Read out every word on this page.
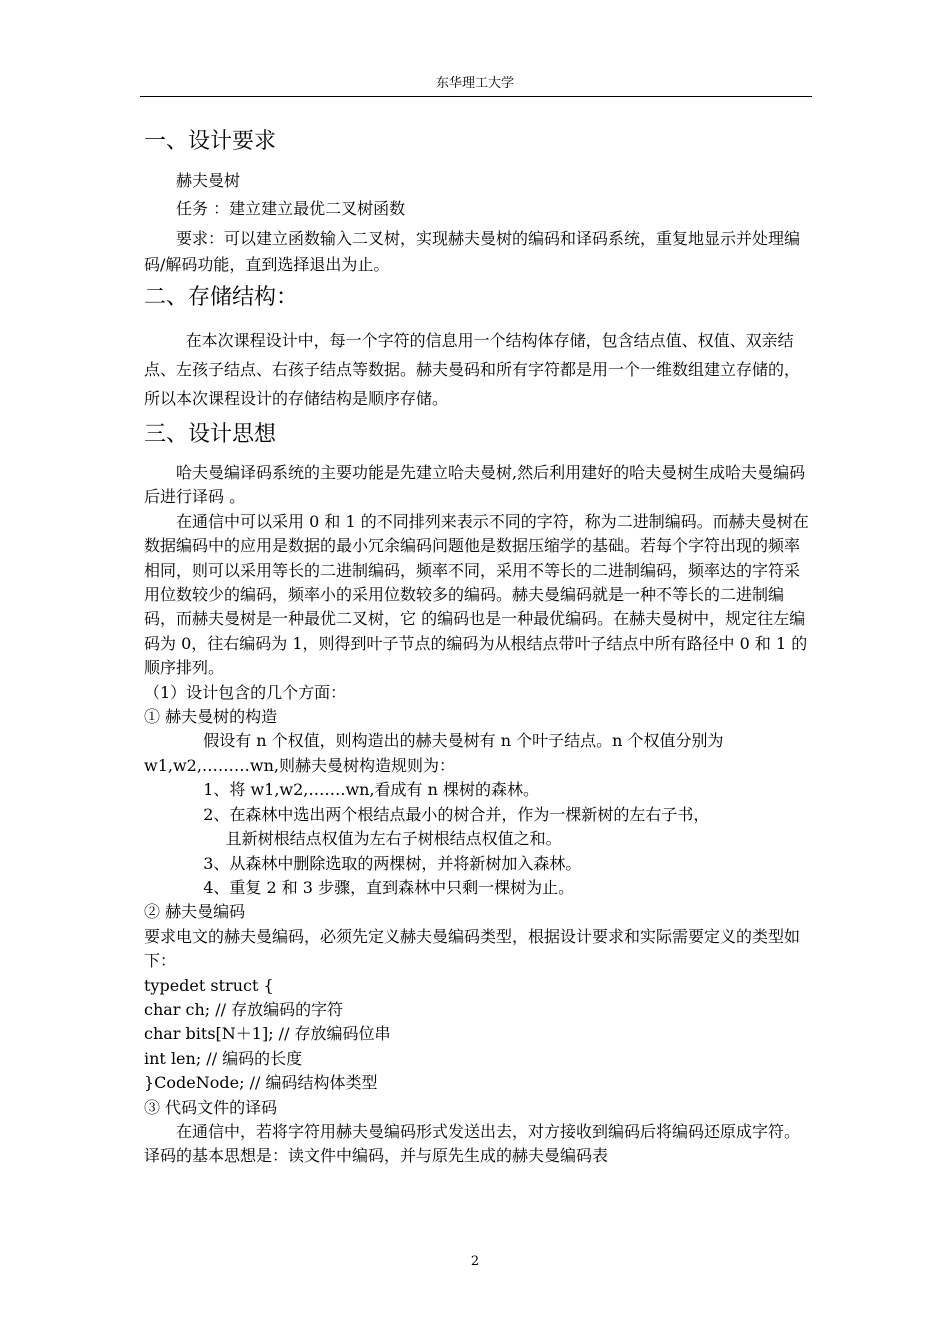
东华理工大学
一、设计要求

赫夫曼树

任务 ：建立建立最优二叉树函数

要求：可以建立函数输入二叉树，实现赫夫曼树的编码和译码系统，重复地显示并处理编码/解码功能，直到选择退出为止。

二、存储结构：

在本次课程设计中，每一个字符的信息用一个结构体存储，包含结点值、权值、双亲结点、左孩子结点、右孩子结点等数据。赫夫曼码和所有字符都是用一个一维数组建立存储的，所以本次课程设计的存储结构是顺序存储。

三、设计思想

哈夫曼编译码系统的主要功能是先建立哈夫曼树,然后利用建好的哈夫曼树生成哈夫曼编码后进行译码 。

在通信中可以采用 0 和 1 的不同排列来表示不同的字符，称为二进制编码。而赫夫曼树在数据编码中的应用是数据的最小冗余编码问题他是数据压缩学的基础。若每个字符出现的频率相同，则可以采用等长的二进制编码，频率不同，采用不等长的二进制编码，频率达的字符采用位数较少的编码，频率小的采用位数较多的编码。赫夫曼编码就是一种不等长的二进制编码，而赫夫曼树是一种最优二叉树，它 的编码也是一种最优编码。在赫夫曼树中，规定往左编码为 0，往右编码为 1，则得到叶子节点的编码为从根结点带叶子结点中所有路径中 0 和 1 的顺序排列。

（1）设计包含的几个方面：

① 赫夫曼树的构造

假设有 n 个权值，则构造出的赫夫曼树有 n 个叶子结点。n 个权值分别为 w1,w2,………wn,则赫夫曼树构造规则为：

1、将 w1,w2,…….wn,看成有 n 棵树的森林。

2、在森林中选出两个根结点最小的树合并，作为一棵新树的左右子书，

且新树根结点权值为左右子树根结点权值之和。

3、从森林中删除选取的两棵树，并将新树加入森林。

4、重复 2 和 3 步骤，直到森林中只剩一棵树为止。

② 赫夫曼编码

要求电文的赫夫曼编码，必须先定义赫夫曼编码类型，根据设计要求和实际需要定义的类型如下：

typedet struct {

char ch; // 存放编码的字符

char bits[N＋1]; // 存放编码位串

int len; // 编码的长度

}CodeNode; // 编码结构体类型

③ 代码文件的译码

在通信中，若将字符用赫夫曼编码形式发送出去，对方接收到编码后将编码还原成字符。译码的基本思想是：读文件中编码，并与原先生成的赫夫曼编码表

2
